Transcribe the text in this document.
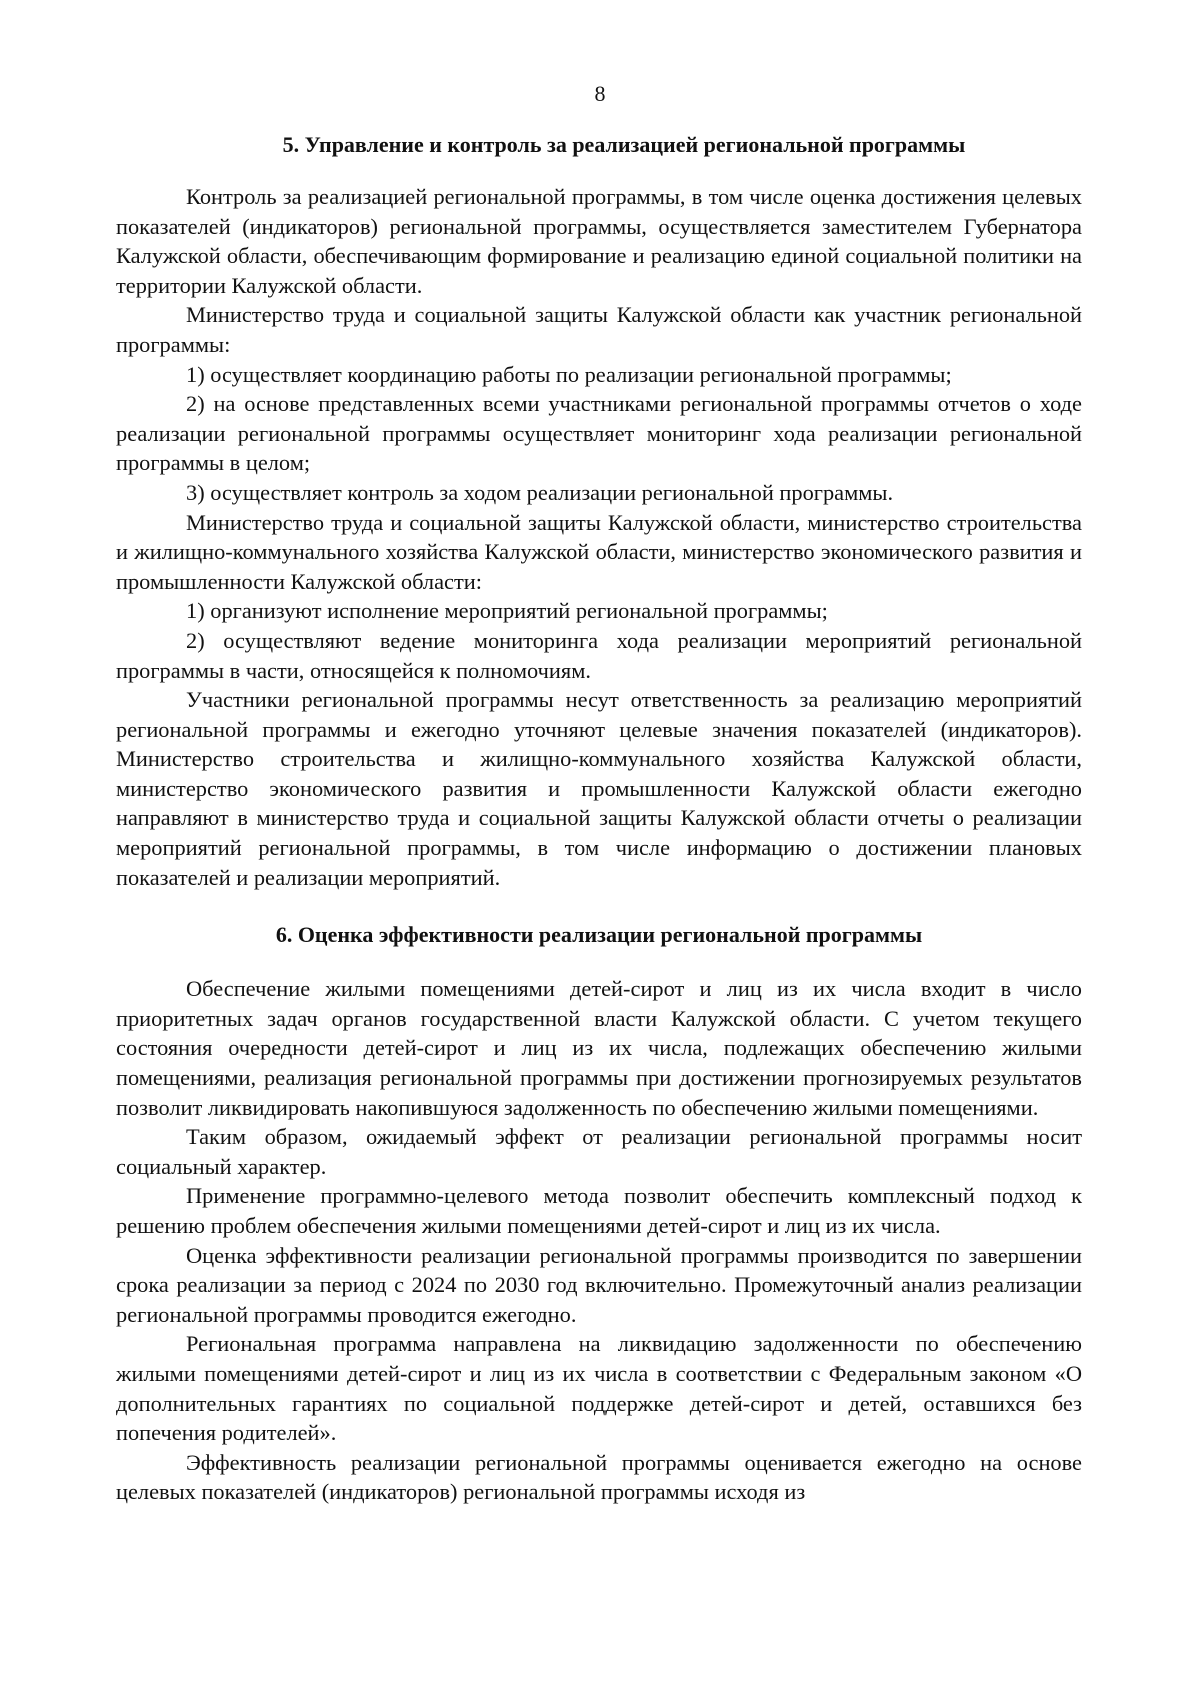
8
5. Управление и контроль за реализацией региональной программы

Контроль за реализацией региональной программы, в том числе оценка достижения целевых показателей (индикаторов) региональной программы, осуществляется заместителем Губернатора Калужской области, обеспечивающим формирование и реализацию единой социальной политики на территории Калужской области.

Министерство труда и социальной защиты Калужской области как участник региональной программы:

1) осуществляет координацию работы по реализации региональной программы;

2) на основе представленных всеми участниками региональной программы отчетов о ходе реализации региональной программы осуществляет мониторинг хода реализации региональной программы в целом;

3) осуществляет контроль за ходом реализации региональной программы.

Министерство труда и социальной защиты Калужской области, министерство строительства и жилищно-коммунального хозяйства Калужской области, министерство экономического развития и промышленности Калужской области:

1) организуют исполнение мероприятий региональной программы;

2) осуществляют ведение мониторинга хода реализации мероприятий региональной программы в части, относящейся к полномочиям.

Участники региональной программы несут ответственность за реализацию мероприятий региональной программы и ежегодно уточняют целевые значения показателей (индикаторов). Министерство строительства и жилищно-коммунального хозяйства Калужской области, министерство экономического развития и промышленности Калужской области ежегодно направляют в министерство труда и социальной защиты Калужской области отчеты о реализации мероприятий региональной программы, в том числе информацию о достижении плановых показателей и реализации мероприятий.

6. Оценка эффективности реализации региональной программы

Обеспечение жилыми помещениями детей-сирот и лиц из их числа входит в число приоритетных задач органов государственной власти Калужской области. С учетом текущего состояния очередности детей-сирот и лиц из их числа, подлежащих обеспечению жилыми помещениями, реализация региональной программы при достижении прогнозируемых результатов позволит ликвидировать накопившуюся задолженность по обеспечению жилыми помещениями.

Таким образом, ожидаемый эффект от реализации региональной программы носит социальный характер.

Применение программно-целевого метода позволит обеспечить комплексный подход к решению проблем обеспечения жилыми помещениями детей-сирот и лиц из их числа.

Оценка эффективности реализации региональной программы производится по завершении срока реализации за период с 2024 по 2030 год включительно. Промежуточный анализ реализации региональной программы проводится ежегодно.

Региональная программа направлена на ликвидацию задолженности по обеспечению жилыми помещениями детей-сирот и лиц из их числа в соответствии с Федеральным законом «О дополнительных гарантиях по социальной поддержке детей-сирот и детей, оставшихся без попечения родителей».

Эффективность реализации региональной программы оценивается ежегодно на основе целевых показателей (индикаторов) региональной программы исходя из
